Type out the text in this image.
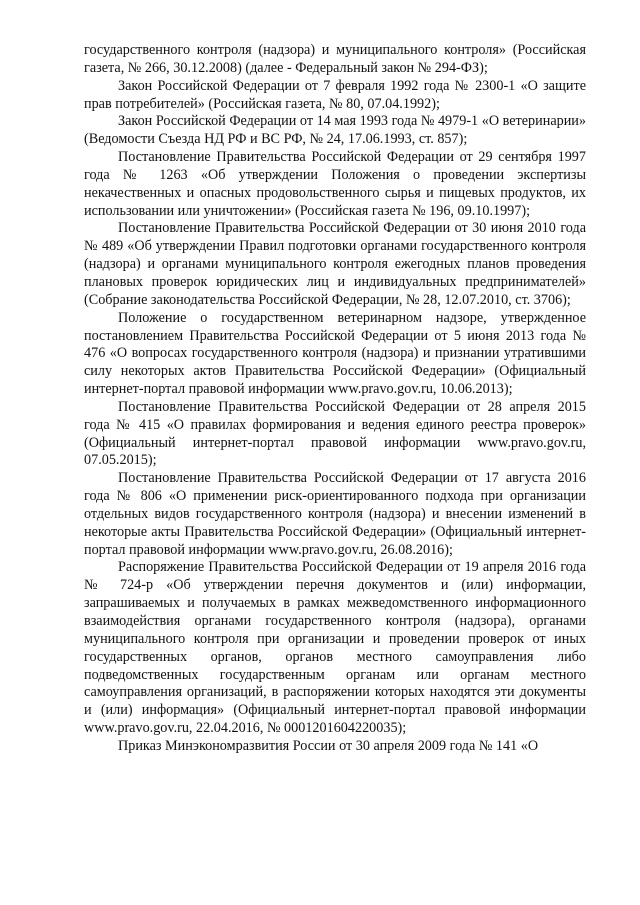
государственного контроля (надзора) и муниципального контроля» (Российская газета, № 266, 30.12.2008) (далее - Федеральный закон № 294-ФЗ);

Закон Российской Федерации от 7 февраля 1992 года № 2300-1 «О защите прав потребителей» (Российская газета, № 80, 07.04.1992);

Закон Российской Федерации от 14 мая 1993 года № 4979-1 «О ветеринарии» (Ведомости Съезда НД РФ и ВС РФ, № 24, 17.06.1993, ст. 857);

Постановление Правительства Российской Федерации от 29 сентября 1997 года № 1263 «Об утверждении Положения о проведении экспертизы некачественных и опасных продовольственного сырья и пищевых продуктов, их использовании или уничтожении» (Российская газета № 196, 09.10.1997);

Постановление Правительства Российской Федерации от 30 июня 2010 года № 489 «Об утверждении Правил подготовки органами государственного контроля (надзора) и органами муниципального контроля ежегодных планов проведения плановых проверок юридических лиц и индивидуальных предпринимателей» (Собрание законодательства Российской Федерации, № 28, 12.07.2010, ст. 3706);

Положение о государственном ветеринарном надзоре, утвержденное постановлением Правительства Российской Федерации от 5 июня 2013 года № 476 «О вопросах государственного контроля (надзора) и признании утратившими силу некоторых актов Правительства Российской Федерации» (Официальный интернет-портал правовой информации www.pravo.gov.ru, 10.06.2013);

Постановление Правительства Российской Федерации от 28 апреля 2015 года № 415 «О правилах формирования и ведения единого реестра проверок» (Официальный интернет-портал правовой информации www.pravo.gov.ru, 07.05.2015);

Постановление Правительства Российской Федерации от 17 августа 2016 года № 806 «О применении риск-ориентированного подхода при организации отдельных видов государственного контроля (надзора) и внесении изменений в некоторые акты Правительства Российской Федерации» (Официальный интернет-портал правовой информации www.pravo.gov.ru, 26.08.2016);

Распоряжение Правительства Российской Федерации от 19 апреля 2016 года № 724-р «Об утверждении перечня документов и (или) информации, запрашиваемых и получаемых в рамках межведомственного информационного взаимодействия органами государственного контроля (надзора), органами муниципального контроля при организации и проведении проверок от иных государственных органов, органов местного самоуправления либо подведомственных государственным органам или органам местного самоуправления организаций, в распоряжении которых находятся эти документы и (или) информация» (Официальный интернет-портал правовой информации www.pravo.gov.ru, 22.04.2016, № 0001201604220035);

Приказ Минэкономразвития России от 30 апреля 2009 года № 141 «О
